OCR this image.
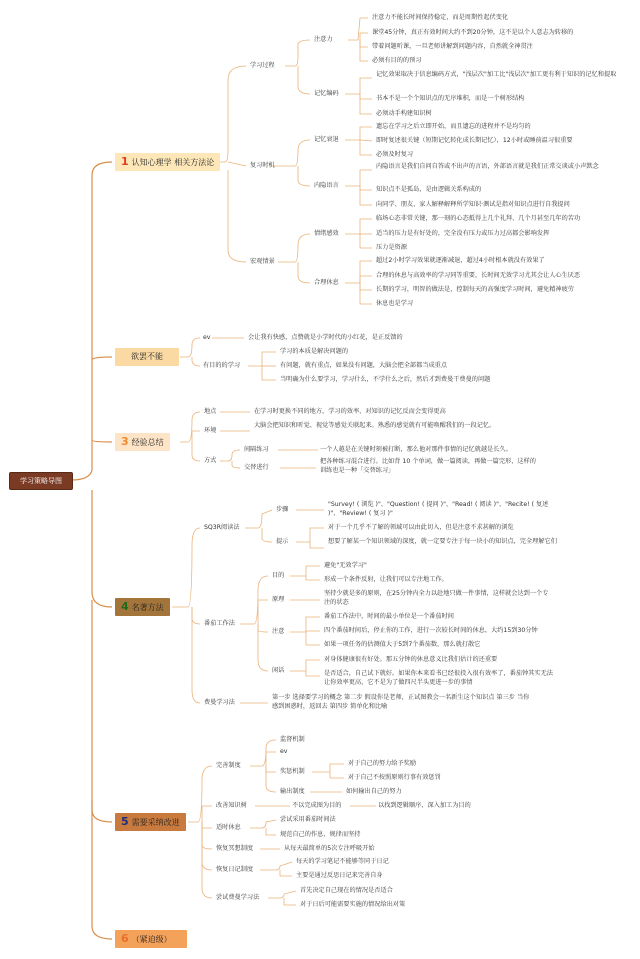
学习策略导图
1 认知心理学 相关方法论
学习过程
注意力
注意力不能长时间保持稳定，而是周期性起伏变化
课堂45分钟，真正有效时间大约不到20分钟，这不是以个人意志为转移的
带着问题听课，一旦老师讲解到问题内容，自然就全神贯注
必须有目的的预习
记忆编码
记忆效果取决于信息编码方式，"浅层次"加工比"浅层次"加工更有利于知识的记忆和提取
书本不是一个个知识点的无序堆积，而是一个树形结构
必须动手构建知识树
复习时机
记忆衰退
遗忘在学习之后立即开始，而且遗忘的进程并不是均匀的
即时复述很关键（短期记忆转化成长期记忆），12小时或睡前温习很重要
必须及时复习
内隐语言
内隐语言是我们自问自答或不出声的言语，外部语言就是我们正常交谈或小声默念
知识点不是孤岛，是由逻辑关系构成的
向同学、朋友、家人解释解释所学知识·测试是指对知识点进行自我提问
宏观情景
情绪感效
临场心态非常关键，那一刻的心态抵得上几个礼拜、几个月甚至几年的苦功
适当的压力是有好处的，完全没有压力或压力过高都会影响发挥
压力是资源
合理休息
超过2小时学习效果就逐渐减退，超过4小时根本就没有效果了
合理的休息与高效率的学习同等重要，长时间无效学习尤其会让人心生厌恶
长期的学习，明智的做法是，控制每天的高强度学习时间，避免精神疲劳
休息也是学习
欲罢不能
ev	会让我有快感，点赞就是小学时代的小红花，是正反馈的
有目的的学习
学习的本质是解决问题的
有问题，就有重点，如果没有问题，大脑会把全部都当成重点
当明确为什么要学习，学习什么，不学什么之后，然后才到费曼干费曼的问题
3 经验总结
地点	在学习时更换不同的地方，学习的效率、对知识的记忆反而会变得更高
环境
大脑会把知识和听觉、视觉等感觉关联起来。熟悉的感觉就有可能唤醒我们的一段记忆。
方式
间隔练习	一个人越是在关键时刻被打断，那么他对那件事情的记忆就越是长久。
交替进行
把各种练习混合进行。比如背 10 个单词，做一篇阅读，再做一篇完形，这样的训练也是一种「交替练习」
4 名著方法
SQ3R阅读法
步骤
"Survey! ( 浏览 )"、"Question! ( 提问 )"、"Read! ( 阅读 )"、"Recite! ( 复述 )"、"Review! ( 复习 )"
提示
对于一个几乎不了解的领域可以由此切入，但是注意不求甚解的浏览
想要了解某一个知识领域的深度，就一定要专注于每一块小的知识点，完全理解它们
番茄工作法
目的
避免"无效学习"
形成一个条件反射，让我们可以专注地工作。
原理
坚持少就是多的原则，在25分钟内全力以赴地只做一件事情，这样就会达到一个专注的状态
注意
番茄工作法中，时间的最小单位是一个番茄时间
四个番茄时间后，停止你的工作，进行一次较长时间的休息，大约15到30分钟
如果一项任务的估测值大于5到7个番茄数，那么就打散它
闲话
对身体健康很有好处。那五分钟的休息意义比我们估计的还重要
是否适合，自己试下就好。如果你本来看书已经很投入很有效率了，番茄钟其实无法让你效率更高，它不是为了做四尺半头更进一步的事情
费曼学习法
第一步 选择要学习的概念 第二步 假设你是老师，正试图教会一名新生这个知识点 第三步 当你感到困惑时，返回去 第四步 简单化和比喻
5 需要采纳改进
完善制度
监督机制
ev
奖惩机制
对于自己的努力给予奖励
对于自己不按照原则行事有效惩罚
输出制度	如何输出自己的努力
改善知识树	不以完成图为目的	以找到逻辑顺序，深入加工为目的
适时休息
尝试采用番茄时间法
规范自己的作息，规律而坚持
恢复冥想制度	从每天最简单的5次专注呼吸开始
恢复日记制度
每天的学习笔记不能够等同于日记
主要是通过反思日记来完善自身
尝试费曼学习法
首先决定自己现在的情况是否适合
对于日后可能需要实施的情况给出对策
6 （紧迫级）
